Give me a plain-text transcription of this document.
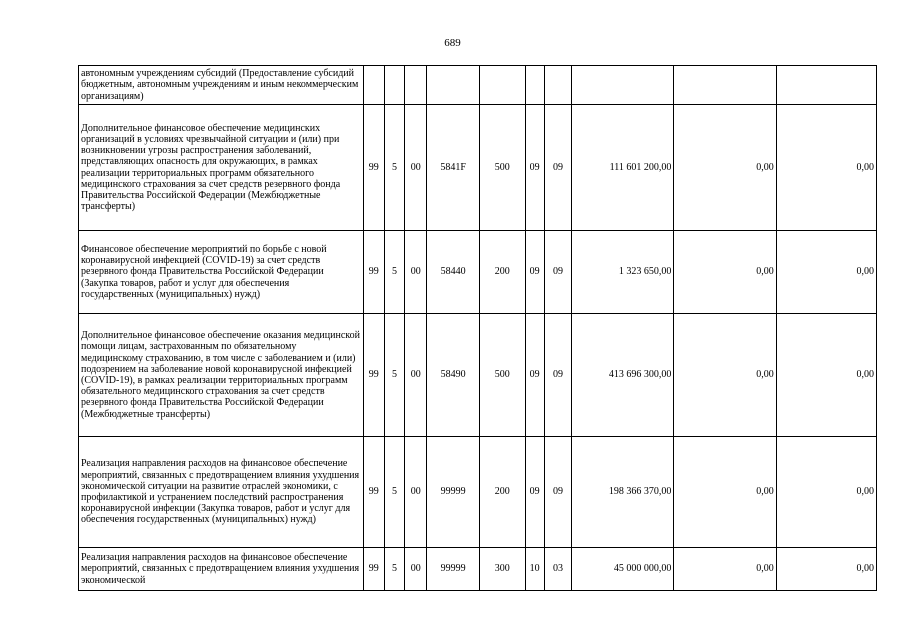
689
автономным учреждениям субсидий (Предоставление субсидий бюджетным, автономным учреждениям и иным некоммерческим организациям)										
Дополнительное финансовое обеспечение медицинских организаций в условиях чрезвычайной ситуации и (или) при возникновении угрозы распространения заболеваний, представляющих опасность для окружающих, в рамках реализации территориальных программ обязательного медицинского страхования за счет средств резервного фонда Правительства Российской Федерации (Межбюджетные трансферты)	99	5	00	5841F	500	09	09	111 601 200,00	0,00	0,00
Финансовое обеспечение мероприятий по борьбе с новой коронавирусной инфекцией (COVID-19) за счет средств резервного фонда Правительства Российской Федерации (Закупка товаров, работ и услуг для обеспечения государственных (муниципальных) нужд)	99	5	00	58440	200	09	09	1 323 650,00	0,00	0,00
Дополнительное финансовое обеспечение оказания медицинской помощи лицам, застрахованным по обязательному медицинскому страхованию, в том числе с заболеванием и (или) подозрением на заболевание новой коронавирусной инфекцией (COVID-19), в рамках реализации территориальных программ обязательного медицинского страхования за счет средств резервного фонда Правительства Российской Федерации (Межбюджетные трансферты)	99	5	00	58490	500	09	09	413 696 300,00	0,00	0,00
Реализация направления расходов на финансовое обеспечение мероприятий, связанных с предотвращением влияния ухудшения экономической ситуации на развитие отраслей экономики, с профилактикой и устранением последствий распространения коронавирусной инфекции (Закупка товаров, работ и услуг для обеспечения государственных (муниципальных) нужд)	99	5	00	99999	200	09	09	198 366 370,00	0,00	0,00
Реализация направления расходов на финансовое обеспечение мероприятий, связанных с предотвращением влияния ухудшения экономической	99	5	00	99999	300	10	03	45 000 000,00	0,00	0,00
